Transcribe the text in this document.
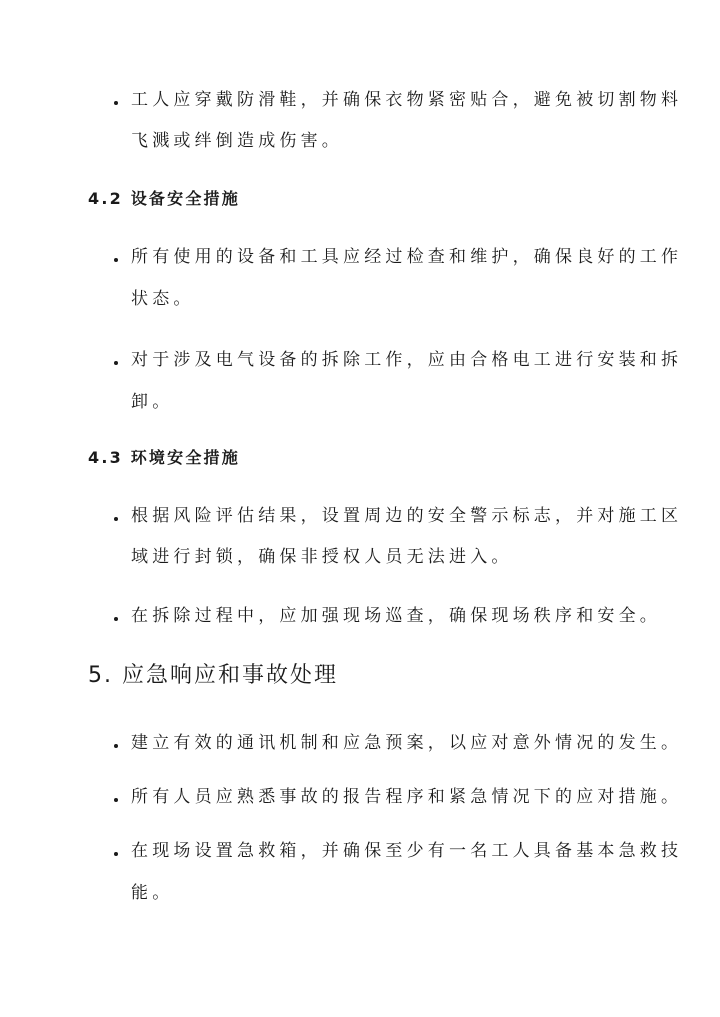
工人应穿戴防滑鞋，并确保衣物紧密贴合，避免被切割物料
飞溅或绊倒造成伤害。
4.2 设备安全措施
所有使用的设备和工具应经过检查和维护，确保良好的工作
状态。
对于涉及电气设备的拆除工作，应由合格电工进行安装和拆
卸。
4.3 环境安全措施
根据风险评估结果，设置周边的安全警示标志，并对施工区
域进行封锁，确保非授权人员无法进入。
在拆除过程中，应加强现场巡查，确保现场秩序和安全。
5. 应急响应和事故处理
建立有效的通讯机制和应急预案，以应对意外情况的发生。
所有人员应熟悉事故的报告程序和紧急情况下的应对措施。
在现场设置急救箱，并确保至少有一名工人具备基本急救技
能。
